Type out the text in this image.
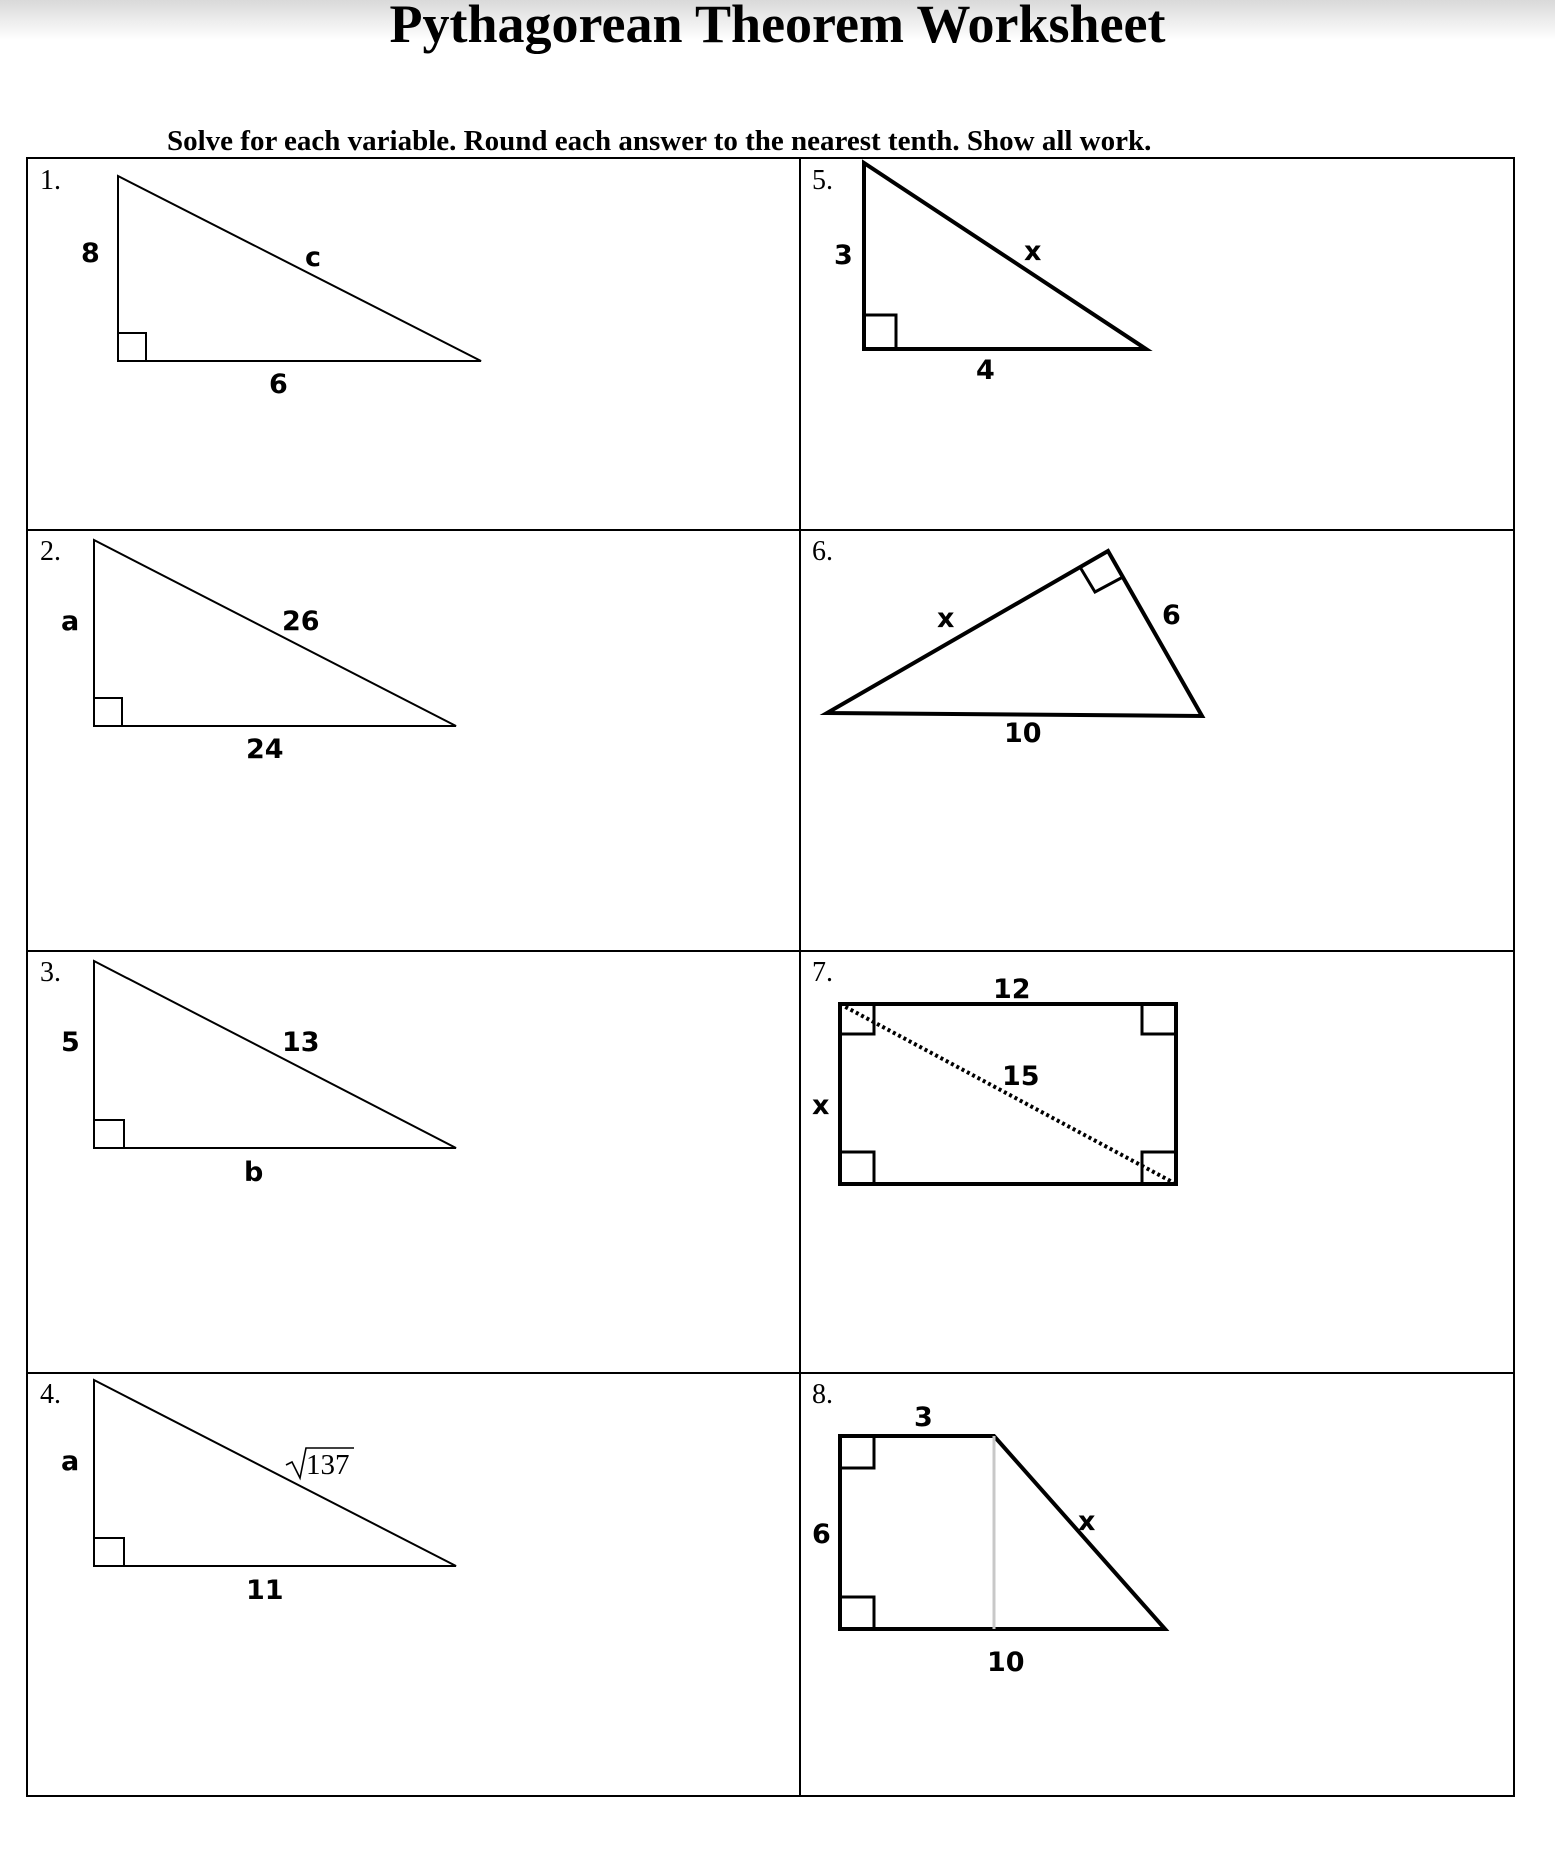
Pythagorean Theorem Worksheet
Solve for each variable. Round each answer to the nearest tenth. Show all work.
1.
8	c
6
2.
a	26
24
3.
5	13
b
4.
a	137
11
5.
3	x
4
6.
x	6
10
7.
12
15
x
8.
3
6	x
10
